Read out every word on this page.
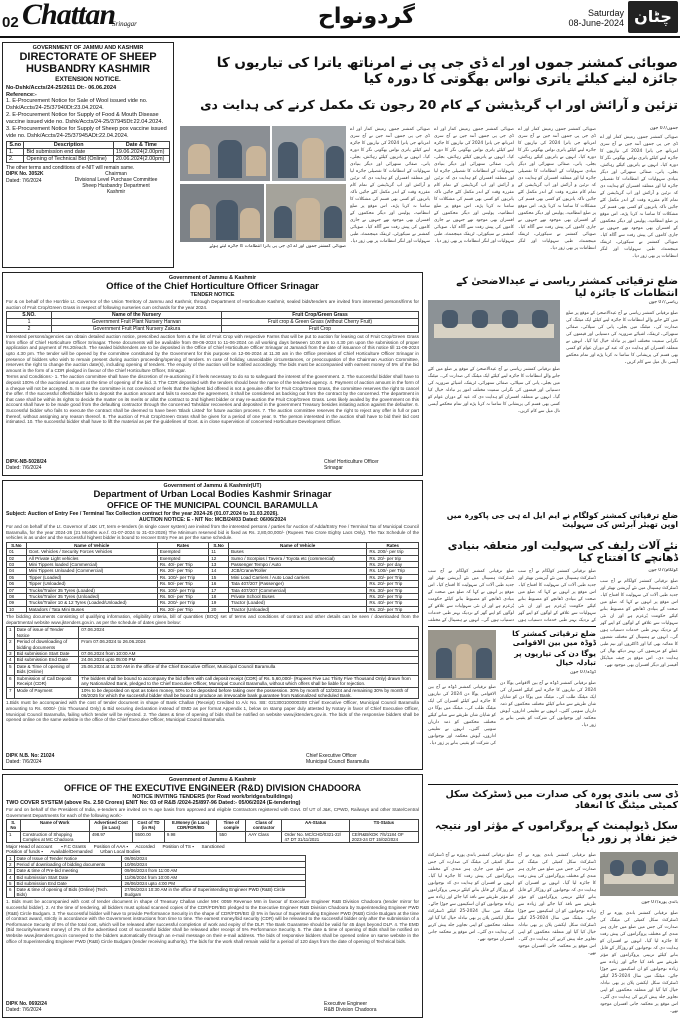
02 Chattan
Srinagar	گردونواح	Saturday
08-June-2024 چٹان
GOVERNMENT OF JAMMU AND KASHMIR
DIRECTORATE OF SHEEP
HUSBANDRY KASHMIR
EXTENSION NOTICE.
No-Dshk/Accts/24-25/2611 Dt:- 06.06.2024
Reference:-
1. E-Procurement Notice for Sale of Wool issued vide no. Dshk/Accts/24-25/37940Dt:23.04.2024.
2. E-Procurement Notice for Supply of Food & Mouth Disease vaccine issued vide no. Dshk/Accts/24-25/37945Dt:22.04.2024.
3. E-Procurement Notice for Supply of Sheep pox vaccine issued vide no. Dshk/Accts/24-25/37945ADt:22.04.2024.
S.no	Description	Date & Time
1.	Bid submission end date	19.06.2024(2.00pm)
2.	Opening of Technical Bid (Online)	20.06.2024(2.00pm)
The other terms and conditions of e-NIT will remain same.
DIPK No. 3052K
Dated: 7/6/2024
Chairman
Divisional Level Purchase Committee
Sheep Husbandry Department
Kashmir
صوبائی کمشنر جموں اور اے ڈی جی پی نے امرناتھ یاترا کی تیاریوں کا جائزہ لینے کیلئے یاتری نواس بھگوتی کا دورہ کیا
تزئین و آرائش اور اپ گریڈیشن کے کام 20 رجون تک مکمل کرنے کی ہدایت دی
صوبائی کمشنر جموں اور اے ڈی جی پی یاترا انتظامات کا جائزہ لیتے ہوئے
صوبائی کمشنر جموں رمیش کمار اور اے ڈی جی پی جموں آنند جین نے آج سری امرناتھ جی یاترا 2024 کی تیاریوں کا جائزہ لینے کیلئے یاتری نواس بھگوتی نگر کا دورہ کیا۔ انہوں نے یاتریوں کیلئے رہائش، بجلی، پانی، صفائی ستھرائی اور دیگر بنیادی سہولیات کے انتظامات کا تفصیلی جائزہ لیا اور متعلقہ افسران کو ہدایت دی کہ تزئین و آرائش اور اپ گریڈیشن کے تمام کام مقررہ وقت کے اندر مکمل کئے جائیں تاکہ یاتریوں کو کسی بھی قسم کی مشکلات کا سامنا نہ کرنا پڑے۔ اس موقع پر ضلع انتظامیہ، پولیس اور دیگر محکموں کے افسران بھی موجود تھے جنہوں نے جاری کاموں کی پیش رفت سے آگاہ کیا۔ صوبائی کمشنر نے سیکورٹی، ٹریفک مینجمنٹ، طبی سہولیات اور لنگر انتظامات پر بھی زور دیا۔
صوبائی کمشنر جموں رمیش کمار اور اے ڈی جی پی جموں آنند جین نے آج سری امرناتھ جی یاترا 2024 کی تیاریوں کا جائزہ لینے کیلئے یاتری نواس بھگوتی نگر کا دورہ کیا۔ انہوں نے یاتریوں کیلئے رہائش، بجلی، پانی، صفائی ستھرائی اور دیگر بنیادی سہولیات کے انتظامات کا تفصیلی جائزہ لیا اور متعلقہ افسران کو ہدایت دی کہ تزئین و آرائش اور اپ گریڈیشن کے تمام کام مقررہ وقت کے اندر مکمل کئے جائیں تاکہ یاتریوں کو کسی بھی قسم کی مشکلات کا سامنا نہ کرنا پڑے۔ اس موقع پر ضلع انتظامیہ، پولیس اور دیگر محکموں کے افسران بھی موجود تھے جنہوں نے جاری کاموں کی پیش رفت سے آگاہ کیا۔ صوبائی کمشنر نے سیکورٹی، ٹریفک مینجمنٹ، طبی سہولیات اور لنگر انتظامات پر بھی زور دیا۔
صوبائی کمشنر جموں رمیش کمار اور اے ڈی جی پی جموں آنند جین نے آج سری امرناتھ جی یاترا 2024 کی تیاریوں کا جائزہ لینے کیلئے یاتری نواس بھگوتی نگر کا دورہ کیا۔ انہوں نے یاتریوں کیلئے رہائش، بجلی، پانی، صفائی ستھرائی اور دیگر بنیادی سہولیات کے انتظامات کا تفصیلی جائزہ لیا اور متعلقہ افسران کو ہدایت دی کہ تزئین و آرائش اور اپ گریڈیشن کے تمام کام مقررہ وقت کے اندر مکمل کئے جائیں تاکہ یاتریوں کو کسی بھی قسم کی مشکلات کا سامنا نہ کرنا پڑے۔ اس موقع پر ضلع انتظامیہ، پولیس اور دیگر محکموں کے افسران بھی موجود تھے جنہوں نے جاری کاموں کی پیش رفت سے آگاہ کیا۔ صوبائی کمشنر نے سیکورٹی، ٹریفک مینجمنٹ، طبی سہولیات اور لنگر انتظامات پر بھی زور دیا۔
صوبائی کمشنر جموں رمیش کمار اور اے ڈی جی پی جموں آنند جین نے آج سری امرناتھ جی یاترا 2024 کی تیاریوں کا جائزہ لینے کیلئے یاتری نواس بھگوتی نگر کا دورہ کیا۔ انہوں نے یاتریوں کیلئے رہائش، بجلی، پانی، صفائی ستھرائی اور دیگر بنیادی سہولیات کے انتظامات کا تفصیلی جائزہ لیا اور متعلقہ افسران کو ہدایت دی کہ تزئین و آرائش اور اپ گریڈیشن کے تمام کام مقررہ وقت کے اندر مکمل کئے جائیں تاکہ یاتریوں کو کسی بھی قسم کی مشکلات کا سامنا نہ کرنا پڑے۔ اس موقع پر ضلع انتظامیہ، پولیس اور دیگر محکموں کے افسران بھی موجود تھے جنہوں نے جاری کاموں کی پیش رفت سے آگاہ کیا۔ صوبائی کمشنر نے سیکورٹی، ٹریفک مینجمنٹ، طبی سہولیات اور لنگر انتظامات پر بھی زور دیا۔
جموں/07 جون
Government of Jammu & Kashmir
Office of the Chief Horticulture Officer Srinagar
TENDER NOTICE
For & on behalf of the Hon'ble Lt. Governor of the Union Territory of Jammu and Kashmir, through Department of Horticulture Kashmir, sealed bids/tenders are invited from interested persons/firms for auction of Fruit Crop/Green Grass in respect of following nurseries cum orchards for the year 2024.
S.NO.	Name of the Nursery	Fruit Crop/Green Grass
1	Government Fruit Plant Nursery Harwan	Fruit crop & Green Grass (without Cherry Fruit)
2	Government Fruit Plant Nursery Zakura	Fruit Crop
Interested persons/agencies can obtain detailed auction notice, prescribed auction form & the list of Fruit Crop with respective Farms that will be put to auction for leasing out of Fruit Crop/Green Grass from office of Chief Horticulture Officer Srinagar. These documents will be available from 08-06-2024 to 11-06-2024 on all working days between 10.00 am to 4.30 pm upon the submission of proper application and payment of Rs.20/each. The sealed bids/tenders are to be deposited in the Office of Chief Horticulture Officer Srinagar at Jamandi from the date of issuance of this notice till 11-06-2024 upto 4.30 pm. The tender will be opened by the committee constituted by the Government for this purpose on 12-06-2024 at 11.30 am in the Office premises of Chief Horticulture Officer Srinagar in presence of bidders who wish to remain present during auction proceeding/opening of tenders. In case of holiday, unavoidable circumstances, or preoccupation of the Chairman Auction Committee, reserves the right to change the auction date(s), including opening of tenders. The enquiry of the auction will be notified accordingly. The bids must be accompanied with earnest money of 5% of the bid amount in the form of a CDR pledged in favour of the Chief Horticulture Officer, Srinagar.
Terms and Conditions:- 1. The auction committee shall have the discretion of re-auctioning if it feels necessary to do so to safeguard the interest of the government. 2. The successful bidder shall have to deposit 100% of the auctioned amount at the time of opening of the bid. 3. The CDR deposited with the tenders should bear the name of the tendered agency. 4. Payment of auction amount in the form of a cheque will not be accepted. 5. In case the committee is not convinced or feels that the highest bid offered is not a genuine offer for Fruit Crop/Green Grass, the committee reserves the right to cancel the offer. If the successful offer/bidder fails to deposit the auction amount and fails to execute the agreement, it shall be considered as backing out from the contract by the concerned. The department in that case shall be within its rights to decide the matter on its merits or allot the contract to 2nd highest bidder or may re-auction the Fruit Crop/Green Grass. Less likely availed by the government on this account shall have to be made good from the defaulting contractor through the concerned Tahsildar recoveries and deposited in the government Treasury besides initiating action against the defaulter. 6. Successful bidder who fails to execute the contract shall be deemed to have been 'Black Listed' for future auction process. 7. The auction committee reserves the right to reject any offer in full or part thereof, without assigning any reason thereof. 8. The auction of Fruit Crop/Green Grass shall be given for a period of one year. 9. The person interested in the auction shall have to bid their bid cost intimated. 10. The successful bidder shall have to lift the material as per the guidelines of Govt. & in close supervision of concerned Horticulture Development Officer.
DIPK-NB-5028/24
Dated: 7/6/2024
Chief Horticulture Officer
Srinagar
ضلع ترقیاتی کمشنر ریاسی نے عیدالاضحیٰ کے انتظامات کا جائزہ لیا
ضلع ترقیاتی کمشنر ریاسی نے آج عیدالاضحیٰ کے موقع پر ضلع میں کئے جانے والے انتظامات کا جائزہ لینے کیلئے ایک میٹنگ کی صدارت کی۔ میٹنگ میں بجلی، پانی کی سپلائی، صفائی ستھرائی، ٹریفک، اشیائے ضروریہ کی دستیابی اور قیمتوں کی نگرانی سمیت مختلف امور پر تبادلہ خیال کیا گیا۔ انہوں نے متعلقہ افسران کو ہدایت دی کہ عید کے دوران عوام کو کسی بھی قسم کی پریشانی کا سامنا نہ کرنا پڑے اور تمام محکمے آپسی تال میل سے کام کریں۔
ریاسی/07 جون
ضلع ترقیاتی کمشنر ریاسی نے آج عیدالاضحیٰ کے موقع پر ضلع میں کئے جانے والے انتظامات کا جائزہ لینے کیلئے ایک میٹنگ کی صدارت کی۔ میٹنگ میں بجلی، پانی کی سپلائی، صفائی ستھرائی، ٹریفک، اشیائے ضروریہ کی دستیابی اور قیمتوں کی نگرانی سمیت مختلف امور پر تبادلہ خیال کیا گیا۔ انہوں نے متعلقہ افسران کو ہدایت دی کہ عید کے دوران عوام کو کسی بھی قسم کی پریشانی کا سامنا نہ کرنا پڑے اور تمام محکمے آپسی تال میل سے کام کریں۔
Government of Jammu & Kashmir(UT)
Department of Urban Local Bodies Kashmir Srinagar
OFFICE OF THE MUNICIPAL COUNCIL BARAMULLA
Subject: Auction of Entry Fee / Terminal Tax Collection contract for the year 2024-26 (01.07.2024 to 31.03.2026).
AUCTION NOTICE: E - NIT No: MCB/24/03 Dated: 06/06/2024
For and on behalf of the Lt. Governor of J&K UT, term e-tenders (in single cover system) are invited from the interested persons / parties for Auction of Adda/Entry Fee / Terminal Tax of Municipal Council Baramulla, for the year 2024-26 (21 Months w.e.f. 01-07-2024 to 31-03-2026) The Minimum reserved bid is fixed as Rs. 2,80,00,000/- (Rupees Two Crore Eighty Lacs Only). The Tax Schedule of the vehicles is as under and the successful highest bidder is bound to recover Entry Fee as per the same schedule.
S.No	Name of Vehicle	Rates	S.No	Name of Vehicle	Rates
01	Govt. Vehicles / Security Forces Vehicles	Exempted	11	Buses	Rs. 200/- per trip
02	All Private Light vehicles	Exempted	12	Sumo / Scorpios / Tavera / Toyota etc (commercial)	Rs. 20/- per trip
03	Mini Tippers loaded (Commercial)	Rs. 40/- per Trip	13	Passenger Tempo / Auto	Rs. 20/- per day
04	Mini Tippers Unloaded (Commercial)	Rs. 20/- per Trip	14	JCB/Crane/Roller	Rs. 100/- per Trip
05	Tipper (Loaded)	Rs. 100/- per Trip	15	Mini Load Carriers / Auto Load carriers	Rs. 20/- per Trip
06	Tipper (Unloaded)	Rs. 50/- per Trip	16	Tata 407/207 (Passenger)	Rs. 20/- per Trip
07	Trucks/Trailer 35 Tyres (Loaded)	Rs. 100/- per Trip	17	Tata 407/207 (Commercial)	Rs. 30/- per Trip
08	Trucks/Trailer 35 Tyres (Unloaded)	Rs. 50/- per Trip	18	Private School Buses	Rs. 20/- per Trip
09	Trucks/Trailer 10 & 12 Tyres (Loaded/Unloaded)	Rs. 200/- per Trip	19	Tractor (Loaded)	Rs. 40/- per Trip
10	Matadors / Tata Mini Buses	Rs. 20/- per Trip	20	Tractor (Unloaded)	Rs. 20/- per Trip
The bidding documents consisting of qualifying information, eligibility criteria, bill of quantities (BOQ) set of terms and conditions of contract and other details can be seen / downloaded from the departmental website www.jktenders.gov.in. as per the schedule of dates given below:
1	Date of issue of Tender Notice	07.06.2024
2	Period of downloading of bidding documents	From 07.06.2024 to 26.06.2024
3	Bid submission Start Date	07.06.2024 from 10:00 AM
4	Bid submission End Date	24.06.2024 upto 05:00 PM
5	Date & Time of opening of Bids (Online)	25.06.2024 at 11:00 AM in the office of the Chief Executive Officer, Municipal Council Baramulla
6	Submission of Call Deposit Receipt (CDR)	The bidders shall be bound to accompany the bid offers with call deposit receipt (CDR) of Rs. 5,60,000/- (Rupees Five Lac Thirty Five Thousand Only) drawn from any Nationalized Bank, pledged to the Chief Executive Officer, Municipal Council Baramulla, without which offers shall be liable for rejection.
7	Mode of Payment	10% to be deposited on spot as token money, 50% to be deposited before taking over the possession. 30% by month of 12/2024 and remaining 30% by month of 06/2025 for which the successful bidder shall be bound to produce an irrevocable bank guarantee from Nationalized scheduled Bank.
1.Bids must be accompanied with the cost of tender document in shape of Bank Challan (Receipt) Credited to A/c No. SB: 021300100000208 Chief Executive Officer, Municipal Council Baramulla amounting to Rs. 6000/- (Six Thousand Only) & Bid securing declaration instead of EMD as per format Appendix 1, below on stamp paper duly attested by Notary in favor of Chief Executive Officer, Municipal Council Baramulla, failing which tender will be rejected. 2. The dates & time of opening of bids shall be notified on website www.jktenders.gov.in. The bids of the responsive bidders shall be opened online on the same website in the office of the Chief Executive Officer, Municipal Council Baramulla.
DIPK N.B. No: 21024
Dated: 7/6/2024
Chief Executive Officer
Municipal Council Baramulla
ضلع ترقیاتی کمشنر کولگام نے ایم ایل اے ہی جی پاکورہ میں اوپن تھیٹر آبرٹس کی سہولیت
نئے آلات رلیف کی سہولیت اور متعلقہ بنیادی ڈھانچے کا افتتاح کیا
کولگام/07 جون
ضلع ترقیاتی کمشنر کولگام نے آج سب ڈسٹرکٹ ہسپتال میں نئے آپریشن تھیٹر اور جدید طبی آلات کی سہولیت کا افتتاح کیا۔ اس موقع پر انہوں نے کہا کہ ضلع میں صحت کے بنیادی ڈھانچے کو مضبوط بنانے کیلئے حکومت پُرعزم ہے اور ان نئی سہولیات سے علاقے کے لوگوں کو اپنے گھر کے نزدیک بہتر طبی خدمات دستیاب ہوں گی۔ انہوں نے ہسپتال کے مختلف شعبوں کا معائنہ بھی کیا اور ڈاکٹروں اور نیم طبی عملے کو مریضوں کی بہتر دیکھ بھال کی ہدایت دی۔ اس موقع پر چیف میڈیکل آفیسر اور دیگر افسران بھی موجود تھے۔
ضلع ترقیاتی کمشنر کولگام نے آج سب ڈسٹرکٹ ہسپتال میں نئے آپریشن تھیٹر اور جدید طبی آلات کی سہولیت کا افتتاح کیا۔ اس موقع پر انہوں نے کہا کہ ضلع میں صحت کے بنیادی ڈھانچے کو مضبوط بنانے کیلئے حکومت پُرعزم ہے اور ان نئی سہولیات سے علاقے کے لوگوں کو اپنے گھر کے نزدیک بہتر طبی خدمات دستیاب ہوں
ضلع ترقیاتی کمشنر کولگام نے آج سب ڈسٹرکٹ ہسپتال میں نئے آپریشن تھیٹر اور جدید طبی آلات کی سہولیت کا افتتاح کیا۔ اس موقع پر انہوں نے کہا کہ ضلع میں صحت کے بنیادی ڈھانچے کو مضبوط بنانے کیلئے حکومت پُرعزم ہے اور ان نئی سہولیات سے علاقے کے لوگوں کو اپنے گھر کے نزدیک بہتر طبی خدمات دستیاب ہوں گی۔ انہوں نے ہسپتال کے مختلف
ضلع ترقیاتی کمشنر کا ڈوڈہ میں بین الاقوامی
یوگا دن کی تیاریوں پر تبادلہ خیال
ڈوڈہ/07 جون
ضلع ترقیاتی کمشنر ڈوڈہ نے آج بین الاقوامی یوگا دن 2024 کی تیاریوں کا جائزہ لینے کیلئے افسران کی ایک میٹنگ طلب کی۔ میٹنگ میں یوگا دن کو شایان شان طریقے سے منانے کیلئے مختلف محکموں کو ذمہ داریاں سونپی گئیں۔ انہوں نے تعلیمی اداروں، آیوش محکمہ اور نوجوانوں کی شرکت کو یقینی بنانے پر زور دیا۔
ضلع ترقیاتی کمشنر ڈوڈہ نے آج بین الاقوامی یوگا دن 2024 کی تیاریوں کا جائزہ لینے کیلئے افسران کی ایک میٹنگ طلب کی۔ میٹنگ میں یوگا دن کو شایان شان طریقے سے منانے کیلئے مختلف محکموں کو ذمہ داریاں سونپی گئیں۔ انہوں نے تعلیمی اداروں، آیوش محکمہ اور نوجوانوں کی شرکت کو یقینی بنانے پر زور دیا۔
Government of Jammu & Kashmir
OFFICE OF THE EXECUTIVE ENGINEER (R&D) DIVISION CHADOORA
NOTICE INVITING TENDERS (for Road work/bridges/buildings)
TWO COVER SYSTEM (above Rs. 2.50 Crores) ENIT No: 03 of R&B /2024-25/897-96 Dated:- 05/06/2024 (E-tendering)
For and on behalf of the President of India, e-tenders are invited on % age basis from approved and eligible Contractors registered with Govt. Of UT of J&K, CPWD, Railways and other State/Central Government Departments for each of the following work:-
S. No	Name of Work	Advertised Cost (in Lacs)	Cost of TD (in Rs)	E.Money (in Lacs) CDR/FDR/BG	Time of comple	Class of contractor	AA-Status	TS-Status
1	Construction of Shopping Complex at MC Chadoora	498.97	5500.00	9.98	550	AAY Class	Order No. MC/CHD/0321-22/ 47 DT 31/11/2021	CE/R&B/KDK 7/5/1184 OF 2023-24 DT 15/02/2024
Major Head of account       ▪ F.C Grants      Position of AAA ▪      Accorded      Position of TS ▪      Sanctioned
Position of funds ▪      Available/Demanded      Urban Local Bodies
1	Date of Issue of Tender Notice	06/06/2024
2	Period of downloading of bidding documents	10/06/2024
3	Date & time of Pre-bid meeting	09/06/2024 from 11:00 AM
4	Bid submission Start Date	11/06/2024 from 10:00 AM
5	Bid submission End Date	26/06/2024 upto 4:00 PM
6	Date & time of opening of Bids (Online) (Tech. Bids)	27/06/2024 10:30 AM in the office of Superintending Engineer PWD (R&B) Circle Budgam
1. Bids must be accompanied with cost of tender document in shape of Treasury Challan under MH: 0059 Revenue Mm in favour of Executive Engineer R&B Division Chadoora (tender mirror for successful bidder). 2. At the time of tendering, all bidders must upload scanned copies of the CDR/FDR/BG pledged to the Executive Engineer R&B Division Chadoora by Superintending Engineer PWD (R&B) Circle Budgam. 3. The successful bidder will have to provide Performance Security in the shape of CDR/FDR/BG @ 5% in favour of Superintending Engineer PWD (R&B) Circle Budgam at the time of contract award, strictly in accordance with the Government instructions from time to time. The earnest money/bid security (CDR) will be released to the successful bidder only after the submission of a Performance Security of 5% of the total cost, which will be released after successful completion of work and expiry of the DLP. The Bank Guarantee should be valid for 45 days beyond DLP. 4. The EMD (Bid Security/earnest money) of 2% of the advertised cost of successful bidder shall be released after receipt of 5% Performance Security. 5. The date & time of opening of Bids shall be notified on Website www.jktenders.gov.in conveyed to the bidders automatically through an e-mail message on their e-mail address. The bids of responsive bidders shall be opened online on same website in the office of Superintending Engineer PWD (R&B) Circle Budgam (tender receiving authority). The bids for the work shall remain valid for a period of 120 days from the date of opening of Technical bids.
DIPK No. 0692/24
Dated: 7/6/2024
Executive Engineer
R&B Division Chadoora
ڈی سی باندی پورہ کی صدارت میں ڈسٹرکٹ سکل کمیٹی میٹنگ کا انعقاد
سکل ڈیولپمنٹ کے پروگراموں کے مؤثر اور نتیجہ خیز نفاذ پر زور دیا
باندی پورہ/07 جون
ضلع ترقیاتی کمشنر باندی پورہ نے آج ڈسٹرکٹ سکل کمیٹی کی میٹنگ کی صدارت کی جس میں ضلع میں جاری ہنر مندی کے مختلف پروگراموں کی پیش رفت کا جائزہ لیا گیا۔ انہوں نے افسران کو ہدایت دی کہ نوجوانوں کو روزگار کے قابل بنانے کیلئے تربیتی پروگراموں کو مؤثر طریقے سے نافذ کیا جائے اور زیادہ سے زیادہ نوجوانوں کو ان اسکیموں سے جوڑا جائے۔ میٹنگ میں سال 2024-25 کیلئے ڈسٹرکٹ سکل ایکشن پلان پر بھی تبادلہ خیال کیا گیا اور متعلقہ محکموں کو اپنی تجاویز جلد پیش کرنے کی ہدایت دی گئی۔ اس موقع پر محکمہ جاتی افسران موجود تھے۔
ضلع ترقیاتی کمشنر باندی پورہ نے آج ڈسٹرکٹ سکل کمیٹی کی میٹنگ کی صدارت کی جس میں ضلع میں جاری ہنر مندی کے مختلف پروگراموں کی پیش رفت کا جائزہ لیا گیا۔ انہوں نے افسران کو ہدایت دی کہ نوجوانوں کو روزگار کے قابل بنانے کیلئے تربیتی پروگراموں کو مؤثر طریقے سے نافذ کیا جائے اور زیادہ سے زیادہ نوجوانوں کو ان اسکیموں سے جوڑا جائے۔ میٹنگ میں سال 2024-25 کیلئے ڈسٹرکٹ سکل ایکشن پلان پر بھی تبادلہ خیال کیا گیا اور متعلقہ محکموں کو اپنی تجاویز جلد پیش کرنے کی ہدایت دی گئی۔ اس موقع پر محکمہ جاتی افسران موجود تھے۔
ضلع ترقیاتی کمشنر باندی پورہ نے آج ڈسٹرکٹ سکل کمیٹی کی میٹنگ کی صدارت کی جس میں ضلع میں جاری ہنر مندی کے مختلف پروگراموں کی پیش رفت کا جائزہ لیا گیا۔ انہوں نے افسران کو ہدایت دی کہ نوجوانوں کو روزگار کے قابل بنانے کیلئے تربیتی پروگراموں کو مؤثر طریقے سے نافذ کیا جائے اور زیادہ سے زیادہ نوجوانوں کو ان اسکیموں سے جوڑا جائے۔ میٹنگ میں سال 2024-25 کیلئے ڈسٹرکٹ سکل ایکشن پلان پر بھی تبادلہ خیال کیا گیا اور متعلقہ محکموں کو اپنی تجاویز جلد پیش کرنے کی ہدایت دی گئی۔ اس موقع پر محکمہ جاتی افسران موجود تھے۔
